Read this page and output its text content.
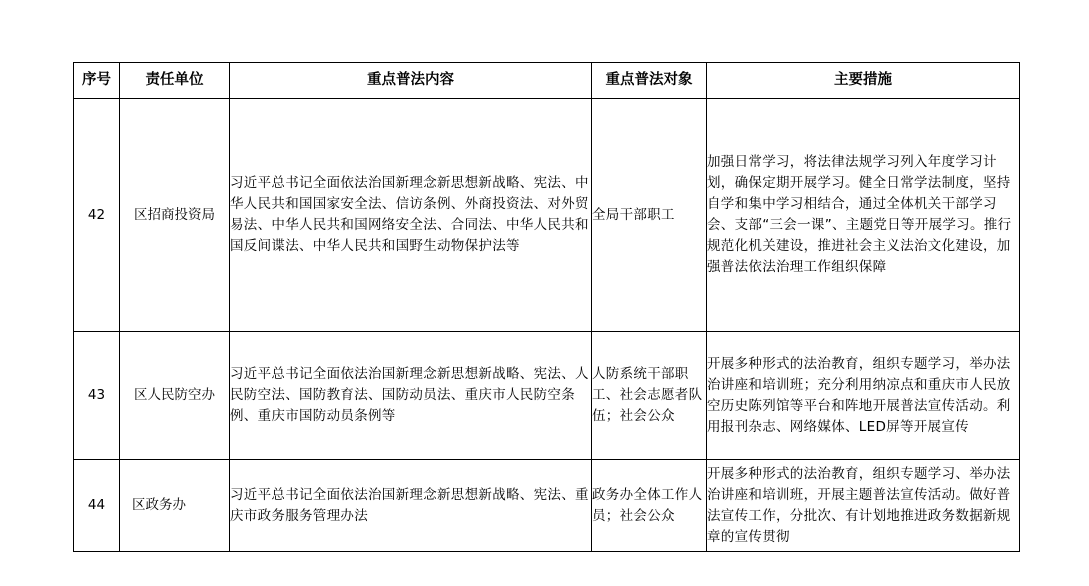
序号	责任单位	重点普法内容	重点普法对象	主要措施
42	区招商投资局	习近平总书记全面依法治国新理念新思想新战略、宪法、中华人民共和国国家安全法、信访条例、外商投资法、对外贸易法、中华人民共和国网络安全法、合同法、中华人民共和国反间谍法、中华人民共和国野生动物保护法等	全局干部职工	加强日常学习，将法律法规学习列入年度学习计划，确保定期开展学习。健全日常学法制度，坚持自学和集中学习相结合，通过全体机关干部学习会、支部“三会一课”、主题党日等开展学习。推行规范化机关建设，推进社会主义法治文化建设，加强普法依法治理工作组织保障
43	区人民防空办	习近平总书记全面依法治国新理念新思想新战略、宪法、人民防空法、国防教育法、国防动员法、重庆市人民防空条例、重庆市国防动员条例等	人防系统干部职工、社会志愿者队伍；社会公众	开展多种形式的法治教育，组织专题学习，举办法治讲座和培训班；充分利用纳凉点和重庆市人民放空历史陈列馆等平台和阵地开展普法宣传活动。利用报刊杂志、网络媒体、LED屏等开展宣传
44	区政务办	习近平总书记全面依法治国新理念新思想新战略、宪法、重庆市政务服务管理办法	政务办全体工作人员；社会公众	开展多种形式的法治教育，组织专题学习、举办法治讲座和培训班，开展主题普法宣传活动。做好普法宣传工作，分批次、有计划地推进政务数据新规章的宣传贯彻
